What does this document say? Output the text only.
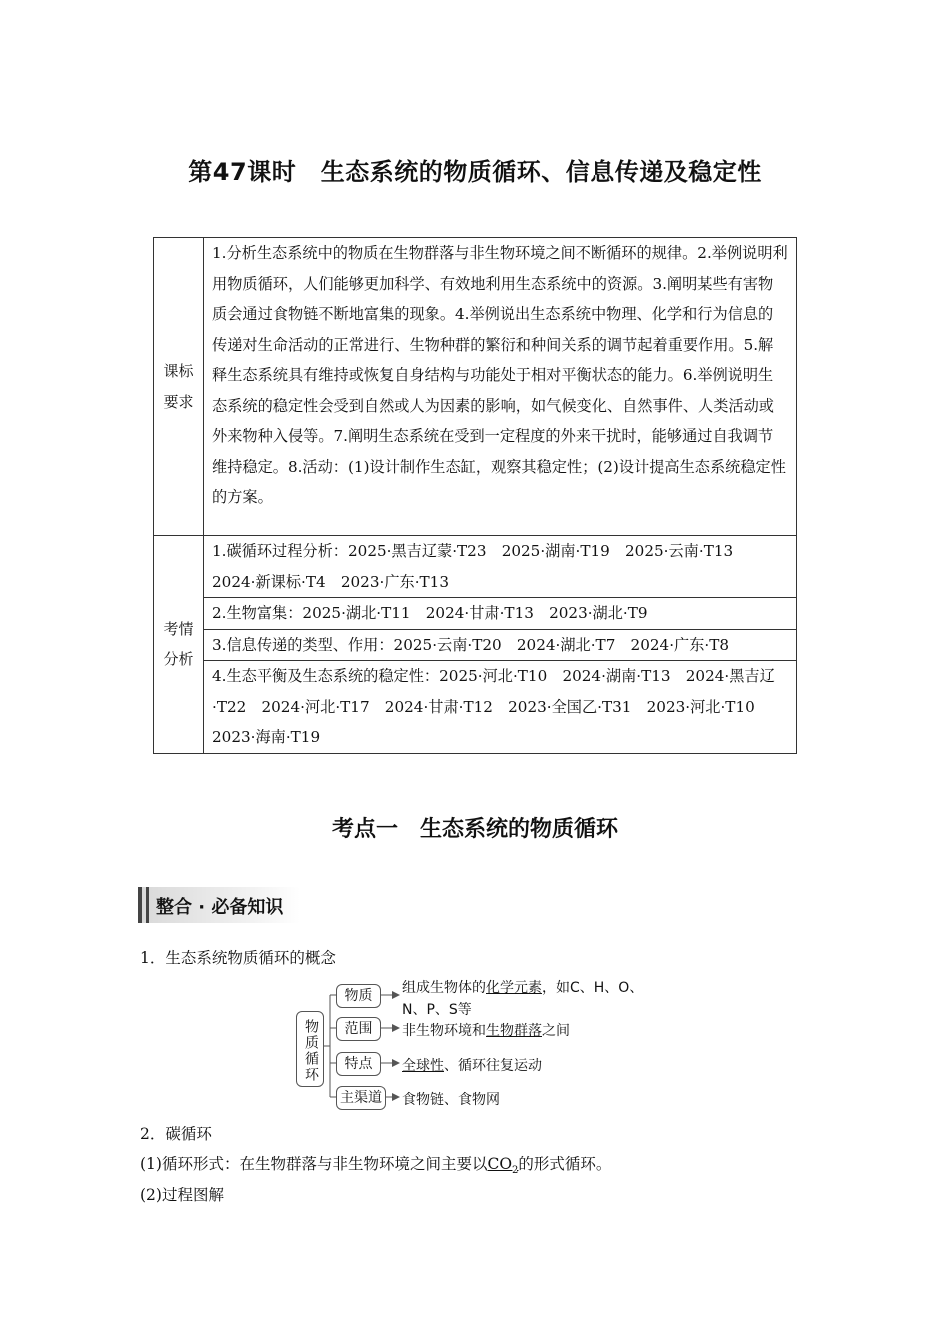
第47课时　生态系统的物质循环、信息传递及稳定性
课标
要求	1.分析生态系统中的物质在生物群落与非生物环境之间不断循环的规律。2.举例说明利用物质循环，人们能够更加科学、有效地利用生态系统中的资源。3.阐明某些有害物质会通过食物链不断地富集的现象。4.举例说出生态系统中物理、化学和行为信息的传递对生命活动的正常进行、生物种群的繁衍和种间关系的调节起着重要作用。5.解释生态系统具有维持或恢复自身结构与功能处于相对平衡状态的能力。6.举例说明生态系统的稳定性会受到自然或人为因素的影响，如气候变化、自然事件、人类活动或外来物种入侵等。7.阐明生态系统在受到一定程度的外来干扰时，能够通过自我调节维持稳定。8.活动：(1)设计制作生态缸，观察其稳定性；(2)设计提高生态系统稳定性的方案。

考情
分析	1.碳循环过程分析：2025·黑吉辽蒙·T23　2025·湖南·T19　2025·云南·T13　2024·新课标·T4　2023·广东·T13
	2.生物富集：2025·湖北·T11　2024·甘肃·T13　2023·湖北·T9
	3.信息传递的类型、作用：2025·云南·T20　2024·湖北·T7　2024·广东·T8
	4.生态平衡及生态系统的稳定性：2025·河北·T10　2024·湖南·T13　2024·黑吉辽·T22　2024·河北·T17　2024·甘肃·T12　2023·全国乙·T31　2023·河北·T10　2023·海南·T19
考点一　生态系统的物质循环
整合 · 必备知识
1．生态系统物质循环的概念
物质循环
物质
范围
特点
主渠道
组成生物体的化学元素，如C、H、O、
N、P、S等
非生物环境和生物群落之间
全球性、循环往复运动
食物链、食物网
2．碳循环
(1)循环形式：在生物群落与非生物环境之间主要以$CO_2$的形式循环。
(2)过程图解
